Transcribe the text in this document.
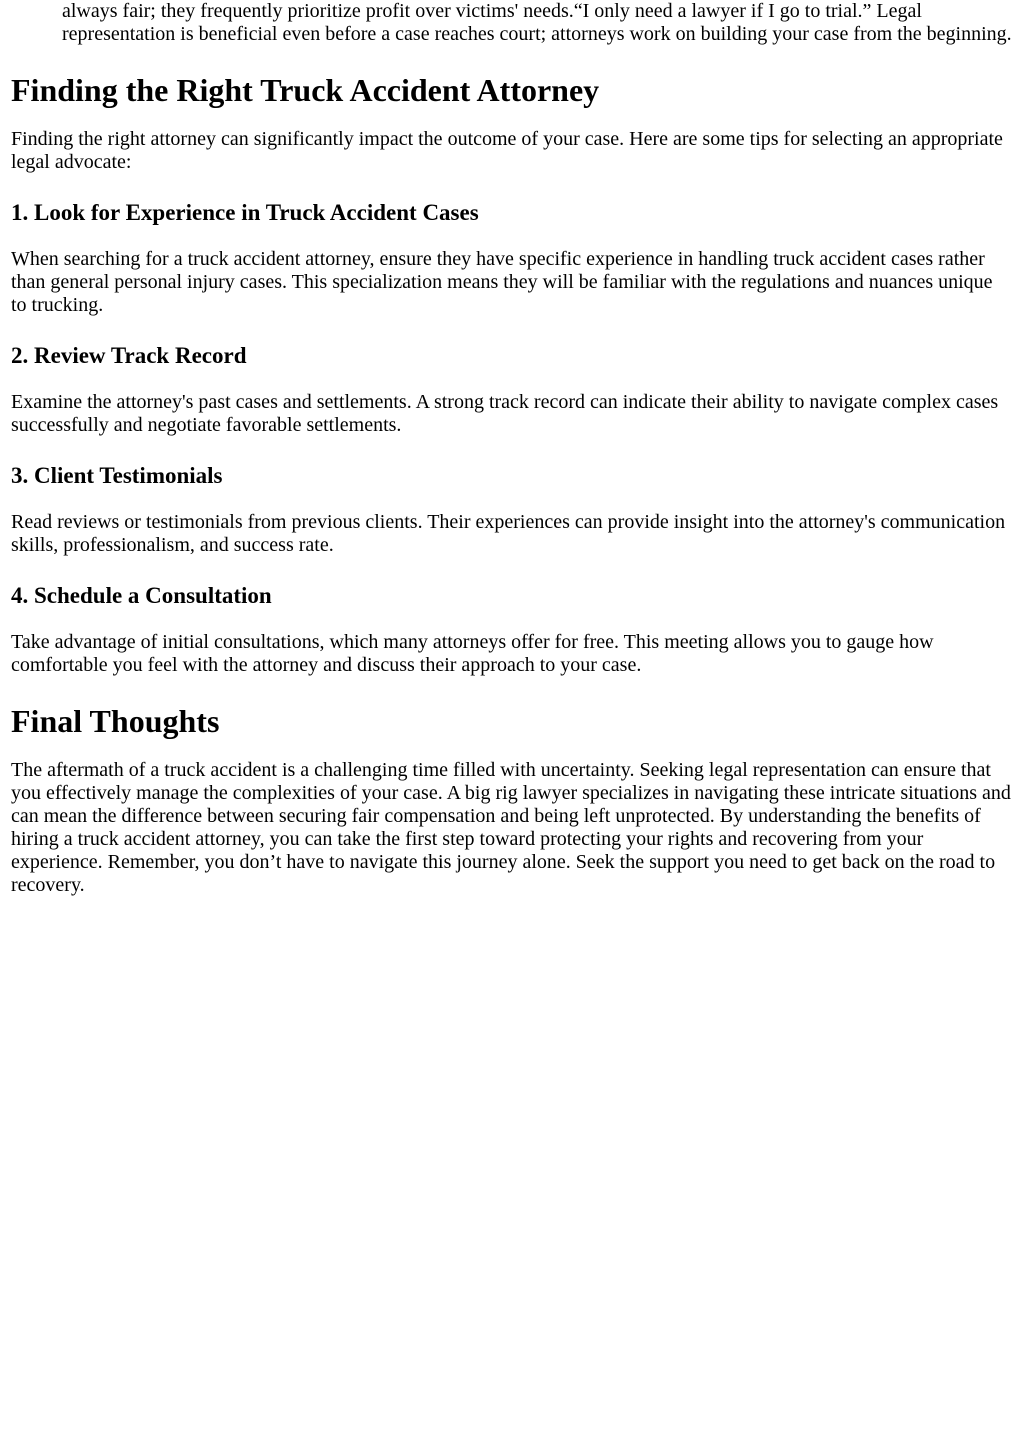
always fair; they frequently prioritize profit over victims' needs.“I only need a lawyer if I go to trial.” Legal representation is beneficial even before a case reaches court; attorneys work on building your case from the beginning.

Finding the Right Truck Accident Attorney

Finding the right attorney can significantly impact the outcome of your case. Here are some tips for selecting an appropriate legal advocate:

1. Look for Experience in Truck Accident Cases

When searching for a truck accident attorney, ensure they have specific experience in handling truck accident cases rather than general personal injury cases. This specialization means they will be familiar with the regulations and nuances unique to trucking.

2. Review Track Record

Examine the attorney's past cases and settlements. A strong track record can indicate their ability to navigate complex cases successfully and negotiate favorable settlements.

3. Client Testimonials

Read reviews or testimonials from previous clients. Their experiences can provide insight into the attorney's communication skills, professionalism, and success rate.

4. Schedule a Consultation

Take advantage of initial consultations, which many attorneys offer for free. This meeting allows you to gauge how comfortable you feel with the attorney and discuss their approach to your case.

Final Thoughts

The aftermath of a truck accident is a challenging time filled with uncertainty. Seeking legal representation can ensure that you effectively manage the complexities of your case. A big rig lawyer specializes in navigating these intricate situations and can mean the difference between securing fair compensation and being left unprotected. By understanding the benefits of hiring a truck accident attorney, you can take the first step toward protecting your rights and recovering from your experience. Remember, you don’t have to navigate this journey alone. Seek the support you need to get back on the road to recovery.
